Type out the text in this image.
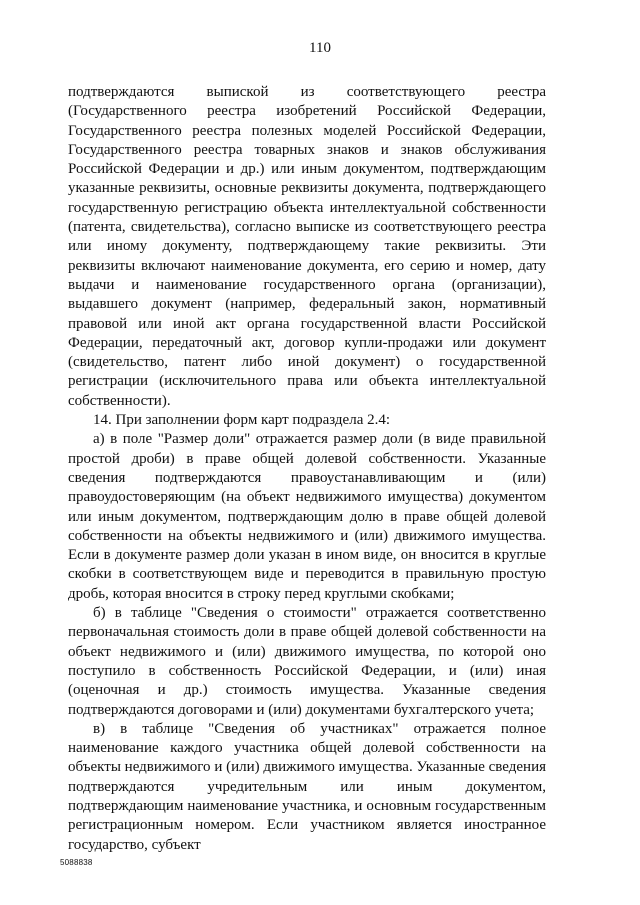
110

подтверждаются выпиской из соответствующего реестра (Государственного реестра изобретений Российской Федерации, Государственного реестра полезных моделей Российской Федерации, Государственного реестра товарных знаков и знаков обслуживания Российской Федерации и др.) или иным документом, подтверждающим указанные реквизиты, основные реквизиты документа, подтверждающего государственную регистрацию объекта интеллектуальной собственности (патента, свидетельства), согласно выписке из соответствующего реестра или иному документу, подтверждающему такие реквизиты. Эти реквизиты включают наименование документа, его серию и номер, дату выдачи и наименование государственного органа (организации), выдавшего документ (например, федеральный закон, нормативный правовой или иной акт органа государственной власти Российской Федерации, передаточный акт, договор купли-продажи или документ (свидетельство, патент либо иной документ) о государственной регистрации (исключительного права или объекта интеллектуальной собственности).

14. При заполнении форм карт подраздела 2.4:

а) в поле "Размер доли" отражается размер доли (в виде правильной простой дроби) в праве общей долевой собственности. Указанные сведения подтверждаются правоустанавливающим и (или) правоудостоверяющим (на объект недвижимого имущества) документом или иным документом, подтверждающим долю в праве общей долевой собственности на объекты недвижимого и (или) движимого имущества. Если в документе размер доли указан в ином виде, он вносится в круглые скобки в соответствующем виде и переводится в правильную простую дробь, которая вносится в строку перед круглыми скобками;

б) в таблице "Сведения о стоимости" отражается соответственно первоначальная стоимость доли в праве общей долевой собственности на объект недвижимого и (или) движимого имущества, по которой оно поступило в собственность Российской Федерации, и (или) иная (оценочная и др.) стоимость имущества. Указанные сведения подтверждаются договорами и (или) документами бухгалтерского учета;

в) в таблице "Сведения об участниках" отражается полное наименование каждого участника общей долевой собственности на объекты недвижимого и (или) движимого имущества. Указанные сведения подтверждаются учредительным или иным документом, подтверждающим наименование участника, и основным государственным регистрационным номером. Если участником является иностранное государство, субъект

5088838
